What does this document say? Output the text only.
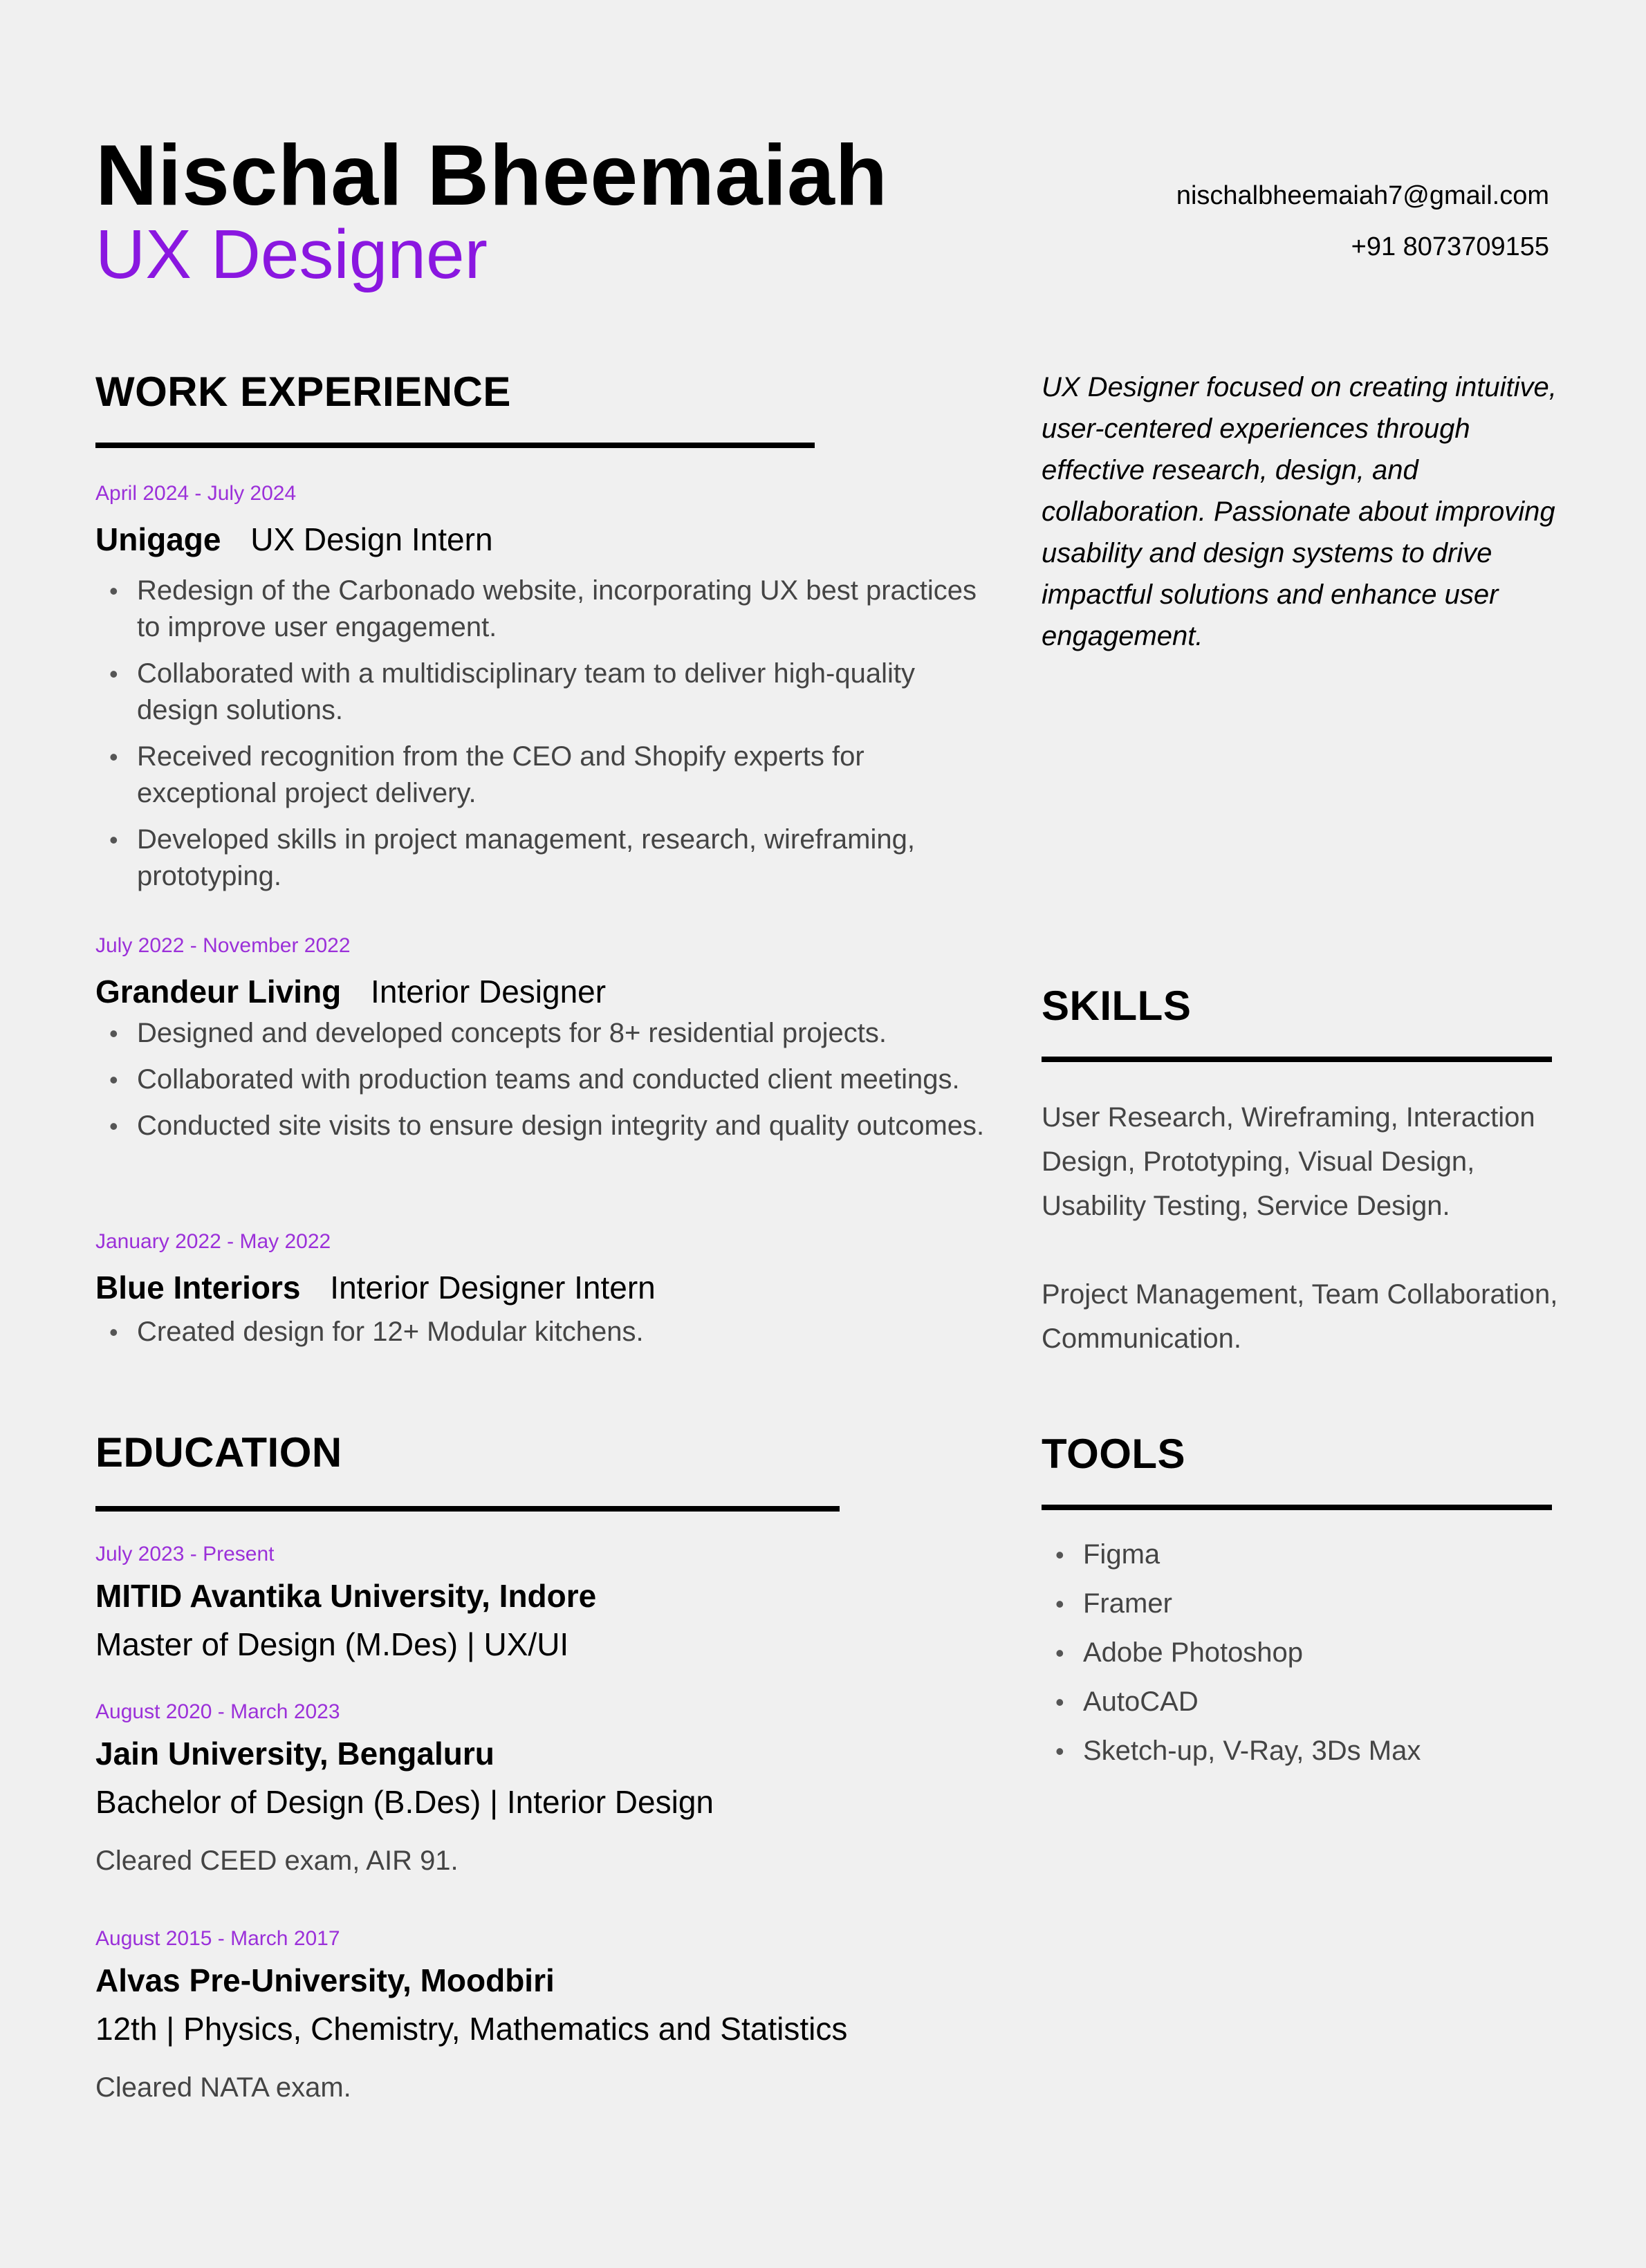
Nischal Bheemaiah
UX Designer
nischalbheemaiah7@gmail.com
+91 8073709155
WORK EXPERIENCE
April 2024 - July 2024
Unigage UX Design Intern
• Redesign of the Carbonado website, incorporating UX best practices to improve user engagement.
• Collaborated with a multidisciplinary team to deliver high-quality design solutions.
• Received recognition from the CEO and Shopify experts for exceptional project delivery.
• Developed skills in project management, research, wireframing, prototyping.
July 2022 - November 2022
Grandeur Living Interior Designer
• Designed and developed concepts for 8+ residential projects.
• Collaborated with production teams and conducted client meetings.
• Conducted site visits to ensure design integrity and quality outcomes.
January 2022 - May 2022
Blue Interiors Interior Designer Intern
• Created design for 12+ Modular kitchens.
EDUCATION
July 2023 - Present
MITID Avantika University, Indore
Master of Design (M.Des) | UX/UI
August 2020 - March 2023
Jain University, Bengaluru
Bachelor of Design (B.Des) | Interior Design
Cleared CEED exam, AIR 91.
August 2015 - March 2017
Alvas Pre-University, Moodbiri
12th | Physics, Chemistry, Mathematics and Statistics
Cleared NATA exam.
UX Designer focused on creating intuitive, user-centered experiences through effective research, design, and collaboration. Passionate about improving usability and design systems to drive impactful solutions and enhance user engagement.
SKILLS
User Research, Wireframing, Interaction Design, Prototyping, Visual Design, Usability Testing, Service Design.
Project Management, Team Collaboration, Communication.
TOOLS
• Figma
• Framer
• Adobe Photoshop
• AutoCAD
• Sketch-up, V-Ray, 3Ds Max
